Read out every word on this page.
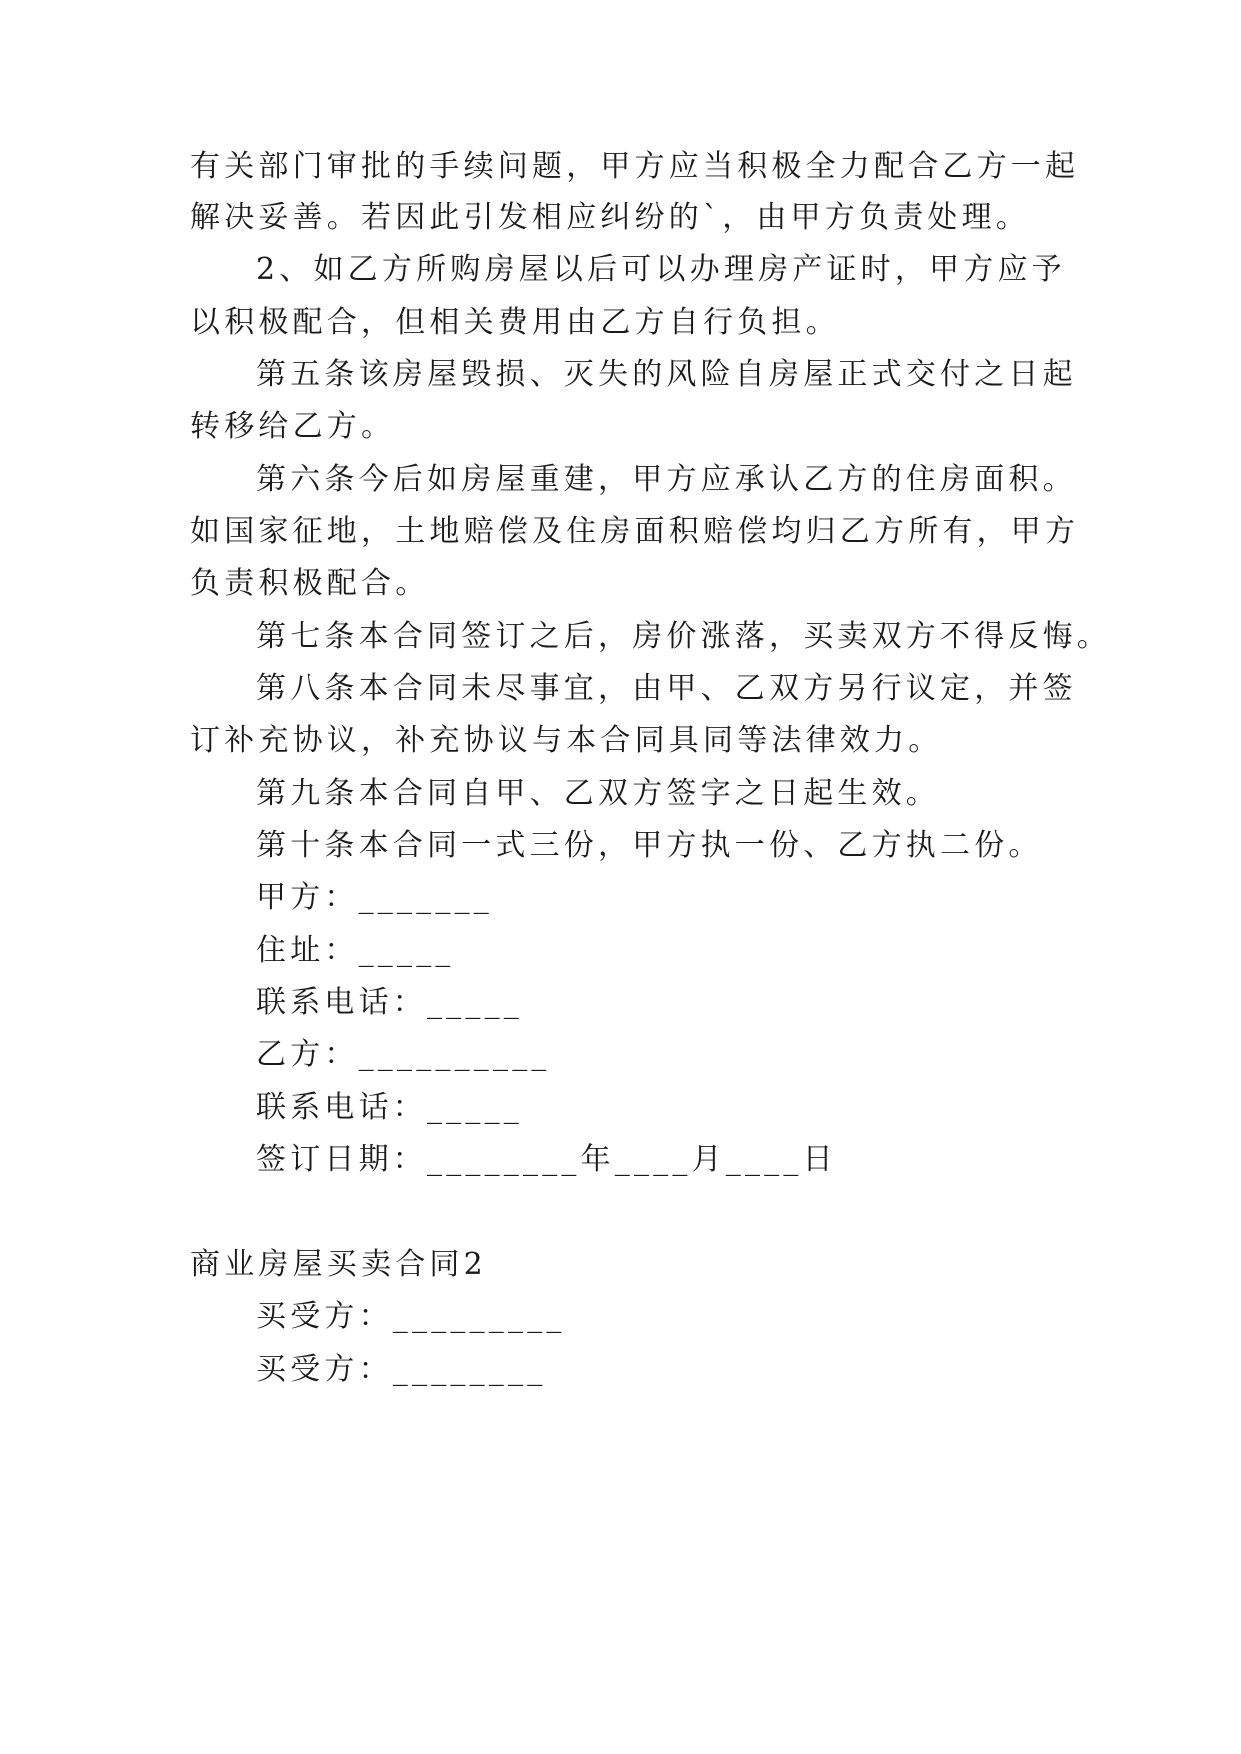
有关部门审批的手续问题，甲方应当积极全力配合乙方一起
解决妥善。若因此引发相应纠纷的`，由甲方负责处理。
2、如乙方所购房屋以后可以办理房产证时，甲方应予
以积极配合，但相关费用由乙方自行负担。
第五条该房屋毁损、灭失的风险自房屋正式交付之日起
转移给乙方。
第六条今后如房屋重建，甲方应承认乙方的住房面积。
如国家征地，土地赔偿及住房面积赔偿均归乙方所有，甲方
负责积极配合。
第七条本合同签订之后，房价涨落，买卖双方不得反悔。
第八条本合同未尽事宜，由甲、乙双方另行议定，并签
订补充协议，补充协议与本合同具同等法律效力。
第九条本合同自甲、乙双方签字之日起生效。
第十条本合同一式三份，甲方执一份、乙方执二份。
甲方：_______
住址：_____
联系电话：_____
乙方：__________
联系电话：_____
签订日期：________年____月____日
商业房屋买卖合同2
买受方：_________
买受方：________
